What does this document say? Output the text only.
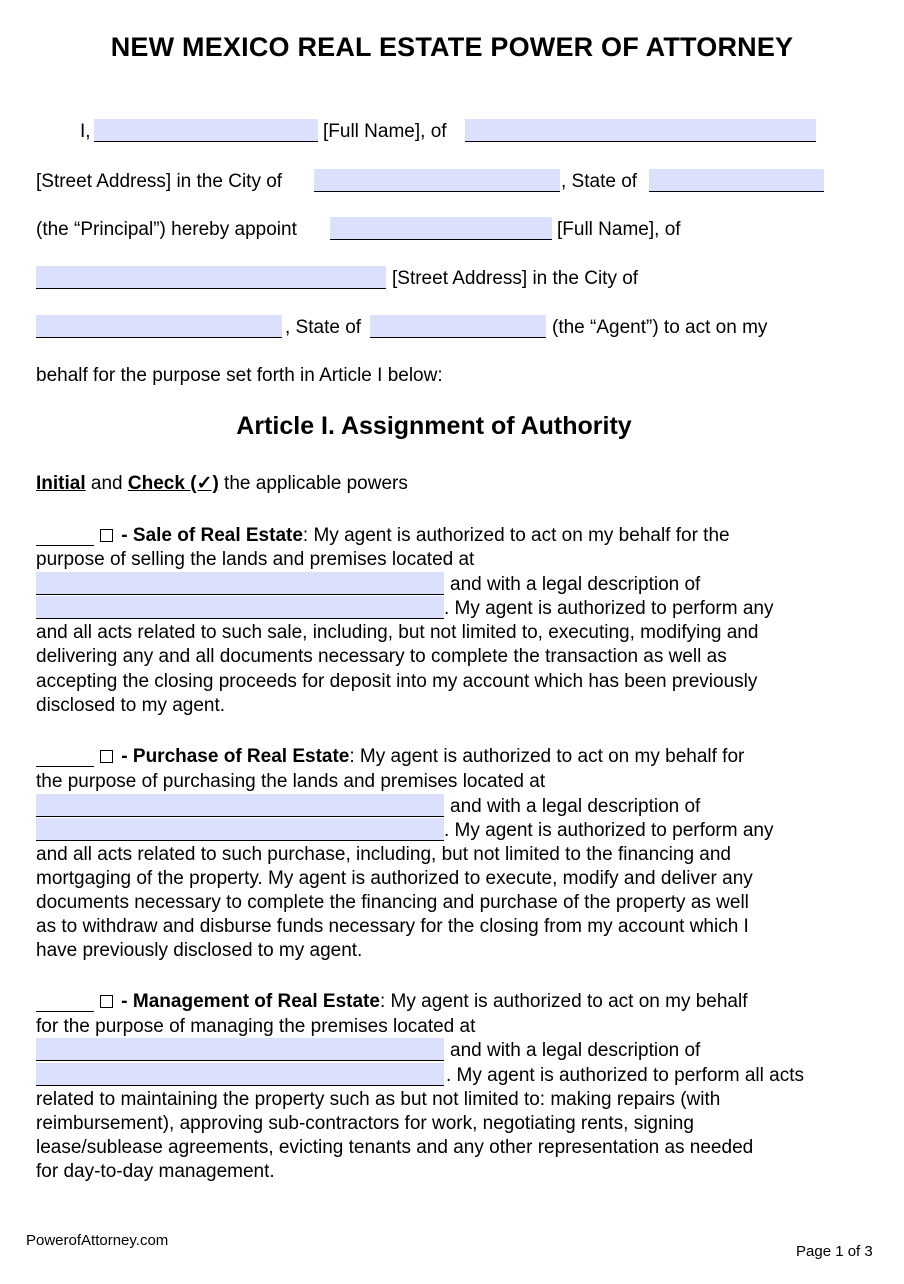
NEW MEXICO REAL ESTATE POWER OF ATTORNEY
I,	[Full Name], of
[Street Address] in the City of	, State of
(the “Principal”) hereby appoint	[Full Name], of
[Street Address] in the City of
, State of	(the “Agent”) to act on my
behalf for the purpose set forth in Article I below:
Article I. Assignment of Authority
Initial and Check (✓) the applicable powers
- Sale of Real Estate: My agent is authorized to act on my behalf for the
purpose of selling the lands and premises located at
and with a legal description of
. My agent is authorized to perform any
and all acts related to such sale, including, but not limited to, executing, modifying and
delivering any and all documents necessary to complete the transaction as well as
accepting the closing proceeds for deposit into my account which has been previously
disclosed to my agent.
- Purchase of Real Estate: My agent is authorized to act on my behalf for
the purpose of purchasing the lands and premises located at
and with a legal description of
. My agent is authorized to perform any
and all acts related to such purchase, including, but not limited to the financing and
mortgaging of the property. My agent is authorized to execute, modify and deliver any
documents necessary to complete the financing and purchase of the property as well
as to withdraw and disburse funds necessary for the closing from my account which I
have previously disclosed to my agent.
- Management of Real Estate: My agent is authorized to act on my behalf
for the purpose of managing the premises located at
and with a legal description of
. My agent is authorized to perform all acts
related to maintaining the property such as but not limited to: making repairs (with
reimbursement), approving sub-contractors for work, negotiating rents, signing
lease/sublease agreements, evicting tenants and any other representation as needed
for day-to-day management.
PowerofAttorney.com
Page 1 of 3
